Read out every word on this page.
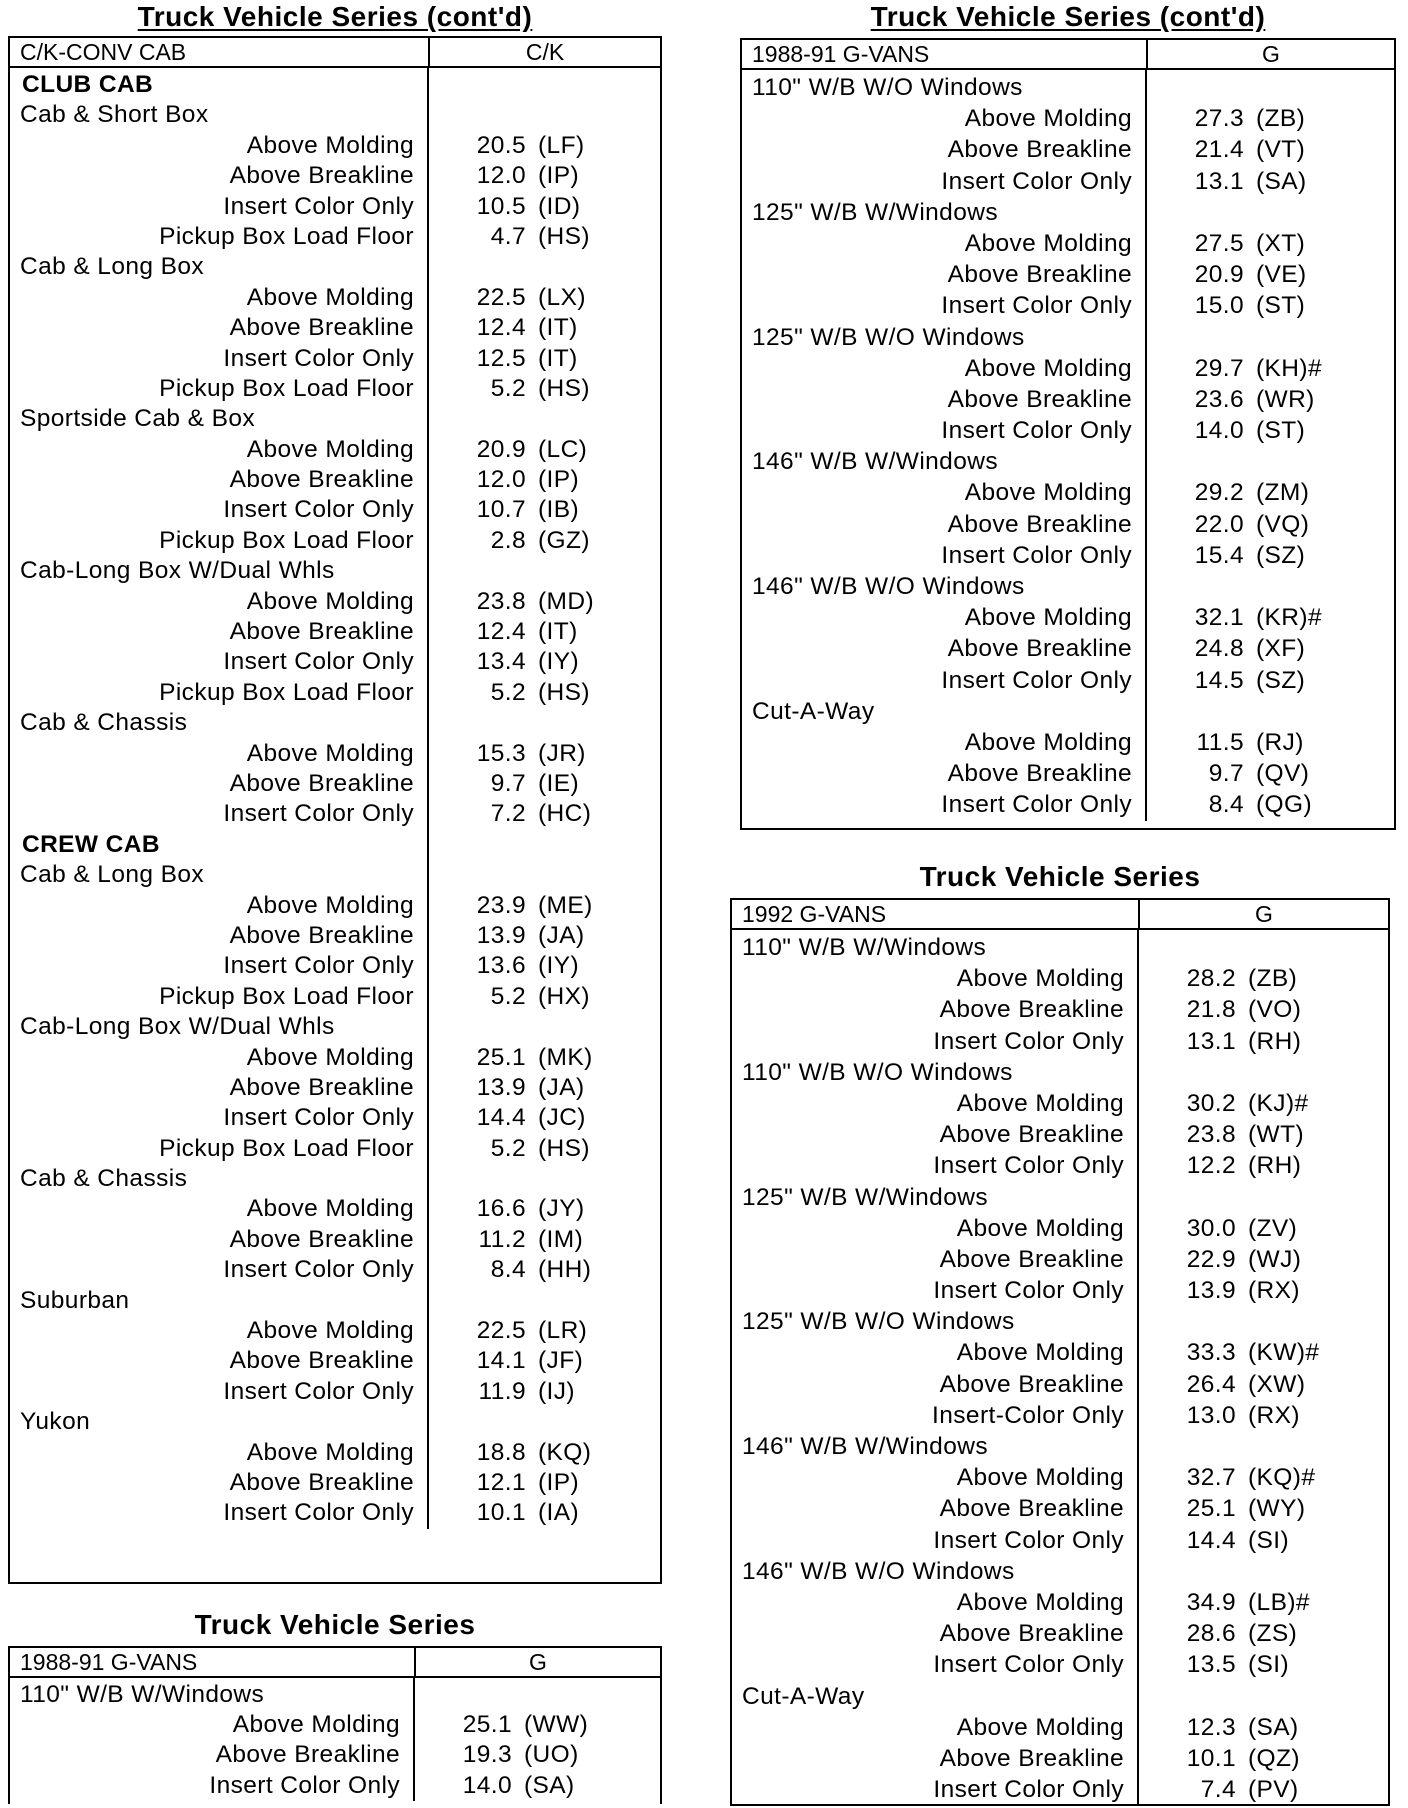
Truck Vehicle Series (cont'd)
C/K-CONV CAB	C/K
CLUB CAB
Cab & Short Box
Above Molding	20.5 (LF)
Above Breakline	12.0 (IP)
Insert Color Only	10.5 (ID)
Pickup Box Load Floor	4.7 (HS)
Cab & Long Box
Above Molding	22.5 (LX)
Above Breakline	12.4 (IT)
Insert Color Only	12.5 (IT)
Pickup Box Load Floor	5.2 (HS)
Sportside Cab & Box
Above Molding	20.9 (LC)
Above Breakline	12.0 (IP)
Insert Color Only	10.7 (IB)
Pickup Box Load Floor	2.8 (GZ)
Cab-Long Box W/Dual Whls
Above Molding	23.8 (MD)
Above Breakline	12.4 (IT)
Insert Color Only	13.4 (IY)
Pickup Box Load Floor	5.2 (HS)
Cab & Chassis
Above Molding	15.3 (JR)
Above Breakline	9.7 (IE)
Insert Color Only	7.2 (HC)
CREW CAB
Cab & Long Box
Above Molding	23.9 (ME)
Above Breakline	13.9 (JA)
Insert Color Only	13.6 (IY)
Pickup Box Load Floor	5.2 (HX)
Cab-Long Box W/Dual Whls
Above Molding	25.1 (MK)
Above Breakline	13.9 (JA)
Insert Color Only	14.4 (JC)
Pickup Box Load Floor	5.2 (HS)
Cab & Chassis
Above Molding	16.6 (JY)
Above Breakline	11.2 (IM)
Insert Color Only	8.4 (HH)
Suburban
Above Molding	22.5 (LR)
Above Breakline	14.1 (JF)
Insert Color Only	11.9 (IJ)
Yukon
Above Molding	18.8 (KQ)
Above Breakline	12.1 (IP)
Insert Color Only	10.1 (IA)
Truck Vehicle Series
1988-91 G-VANS	G
110" W/B W/Windows
Above Molding	25.1 (WW)
Above Breakline	19.3 (UO)
Insert Color Only	14.0 (SA)
Truck Vehicle Series (cont'd)
1988-91 G-VANS	G
110" W/B W/O Windows
Above Molding	27.3 (ZB)
Above Breakline	21.4 (VT)
Insert Color Only	13.1 (SA)
125" W/B W/Windows
Above Molding	27.5 (XT)
Above Breakline	20.9 (VE)
Insert Color Only	15.0 (ST)
125" W/B W/O Windows
Above Molding	29.7 (KH)#
Above Breakline	23.6 (WR)
Insert Color Only	14.0 (ST)
146" W/B W/Windows
Above Molding	29.2 (ZM)
Above Breakline	22.0 (VQ)
Insert Color Only	15.4 (SZ)
146" W/B W/O Windows
Above Molding	32.1 (KR)#
Above Breakline	24.8 (XF)
Insert Color Only	14.5 (SZ)
Cut-A-Way
Above Molding	11.5 (RJ)
Above Breakline	9.7 (QV)
Insert Color Only	8.4 (QG)
Truck Vehicle Series
1992 G-VANS	G
110" W/B W/Windows
Above Molding	28.2 (ZB)
Above Breakline	21.8 (VO)
Insert Color Only	13.1 (RH)
110" W/B W/O Windows
Above Molding	30.2 (KJ)#
Above Breakline	23.8 (WT)
Insert Color Only	12.2 (RH)
125" W/B W/Windows
Above Molding	30.0 (ZV)
Above Breakline	22.9 (WJ)
Insert Color Only	13.9 (RX)
125" W/B W/O Windows
Above Molding	33.3 (KW)#
Above Breakline	26.4 (XW)
Insert-Color Only	13.0 (RX)
146" W/B W/Windows
Above Molding	32.7 (KQ)#
Above Breakline	25.1 (WY)
Insert Color Only	14.4 (SI)
146" W/B W/O Windows
Above Molding	34.9 (LB)#
Above Breakline	28.6 (ZS)
Insert Color Only	13.5 (SI)
Cut-A-Way
Above Molding	12.3 (SA)
Above Breakline	10.1 (QZ)
Insert Color Only	7.4 (PV)
